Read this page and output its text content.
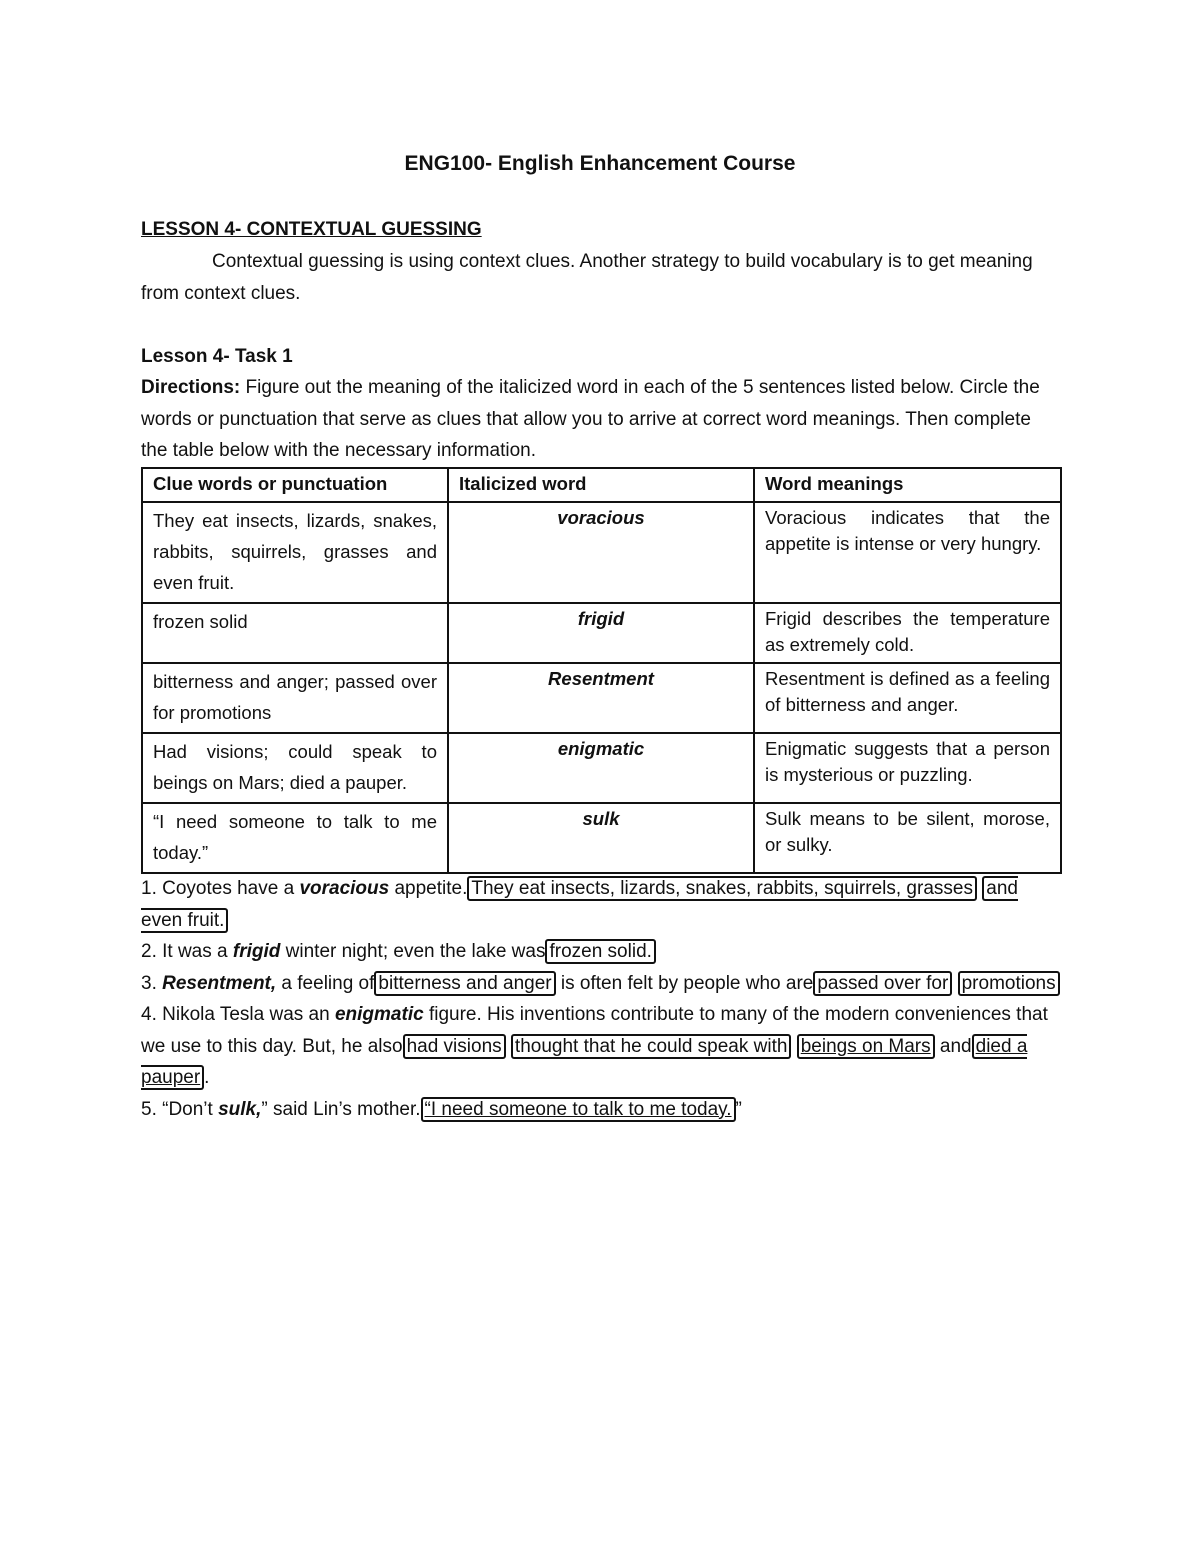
ENG100- English Enhancement Course
LESSON 4- CONTEXTUAL GUESSING
Contextual guessing is using context clues. Another strategy to build vocabulary is to get meaning from context clues.
Lesson 4- Task 1
Directions: Figure out the meaning of the italicized word in each of the 5 sentences listed below. Circle the words or punctuation that serve as clues that allow you to arrive at correct word meanings. Then complete the table below with the necessary information.
Clue words or punctuation	Italicized word	Word meanings
They eat insects, lizards, snakes, rabbits, squirrels, grasses and even fruit.	voracious	Voracious indicates that the appetite is intense or very hungry.
frozen solid	frigid	Frigid describes the temperature as extremely cold.
bitterness and anger; passed over for promotions	Resentment	Resentment is defined as a feeling of bitterness and anger.
Had visions; could speak to beings on Mars; died a pauper.	enigmatic	Enigmatic suggests that a person is mysterious or puzzling.
“I need someone to talk to me today.”	sulk	Sulk means to be silent, morose, or sulky.

1. Coyotes have a voracious appetite. They eat insects, lizards, snakes, rabbits, squirrels, grasses and even fruit.

2. It was a frigid winter night; even the lake was frozen solid.

3. Resentment, a feeling of bitterness and anger is often felt by people who are passed over for promotions

4. Nikola Tesla was an enigmatic figure. His inventions contribute to many of the modern conveniences that we use to this day. But, he also had visions thought that he could speak with beings on Mars and died a pauper .

5. “Don’t sulk,” said Lin’s mother. “I need someone to talk to me today. ”
